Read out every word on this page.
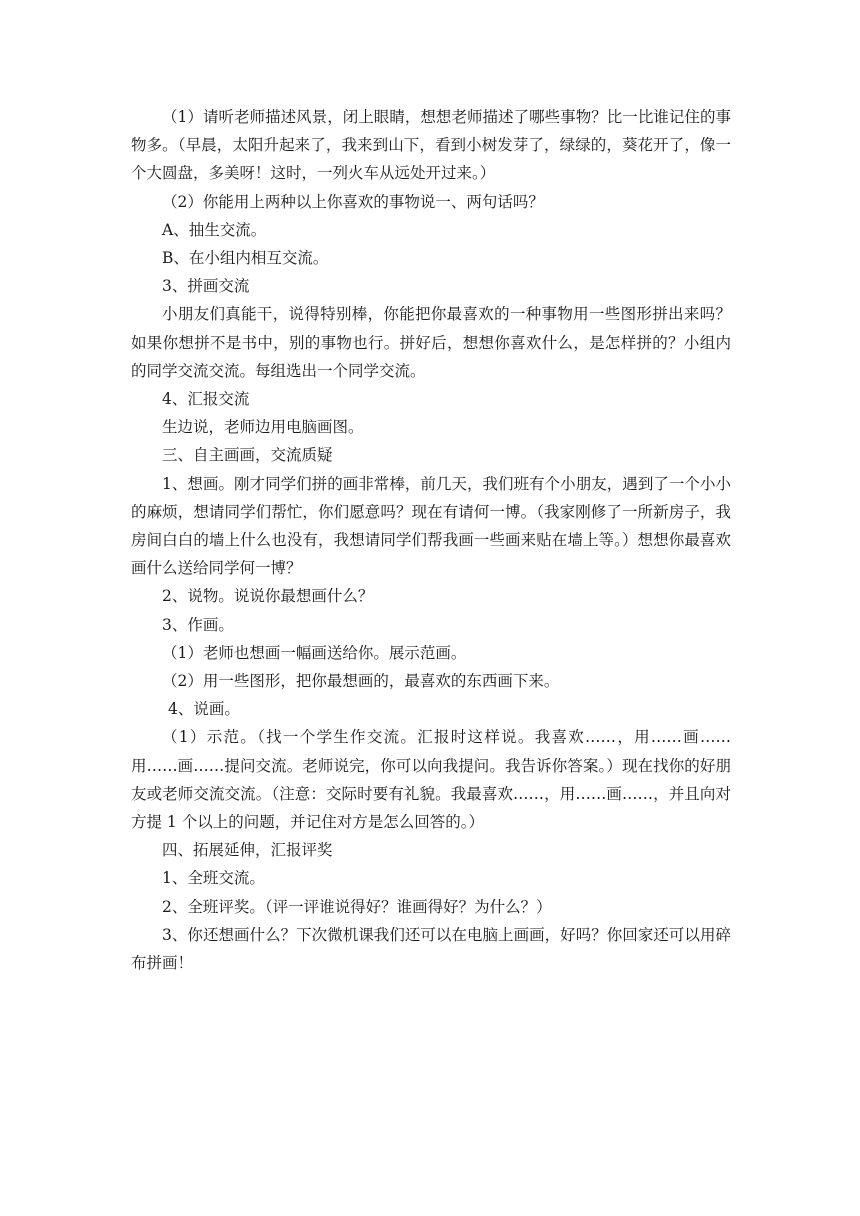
（1）请听老师描述风景，闭上眼睛，想想老师描述了哪些事物？比一比谁记住的事物多。（早晨，太阳升起来了，我来到山下，看到小树发芽了，绿绿的，葵花开了，像一个大圆盘，多美呀！这时，一列火车从远处开过来。）

（2）你能用上两种以上你喜欢的事物说一、两句话吗？

A、抽生交流。

B、在小组内相互交流。

3、拼画交流

小朋友们真能干，说得特别棒，你能把你最喜欢的一种事物用一些图形拼出来吗？如果你想拼不是书中，别的事物也行。拼好后，想想你喜欢什么，是怎样拼的？小组内的同学交流交流。每组选出一个同学交流。

4、汇报交流

生边说，老师边用电脑画图。

三、自主画画，交流质疑

1、想画。刚才同学们拼的画非常棒，前几天，我们班有个小朋友，遇到了一个小小的麻烦，想请同学们帮忙，你们愿意吗？现在有请何一博。（我家刚修了一所新房子，我房间白白的墙上什么也没有，我想请同学们帮我画一些画来贴在墙上等。）想想你最喜欢画什么送给同学何一博？

2、说物。说说你最想画什么？

3、作画。

（1）老师也想画一幅画送给你。展示范画。

（2）用一些图形，把你最想画的，最喜欢的东西画下来。

4、说画。

（1）示范。（找一个学生作交流。汇报时这样说。我喜欢……，用……画……用……画……提问交流。老师说完，你可以向我提问。我告诉你答案。）现在找你的好朋友或老师交流交流。（注意：交际时要有礼貌。我最喜欢……，用……画……，并且向对方提 1 个以上的问题，并记住对方是怎么回答的。）

四、拓展延伸，汇报评奖

1、全班交流。

2、全班评奖。（评一评谁说得好？谁画得好？为什么？）

3、你还想画什么？下次微机课我们还可以在电脑上画画，好吗？你回家还可以用碎布拼画！
